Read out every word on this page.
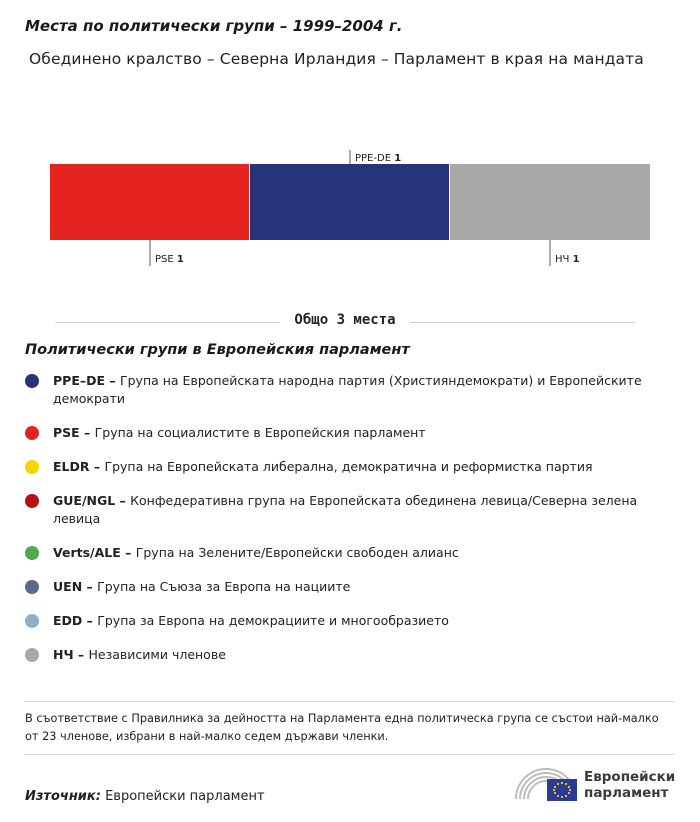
Места по политически групи – 1999–2004 г.
Обединено кралство – Северна Ирландия – Парламент в края на мандата
PSE 1
PPE-DE 1
НЧ 1
Общо 3 места
Политически групи в Европейския парламент
PPE–DE – Група на Европейската народна партия (Християндемократи) и Европейските демократи
PSE – Група на социалистите в Европейския парламент
ELDR – Група на Европейската либерална, демократична и реформистка партия
GUE/NGL – Конфедеративна група на Европейската обединена левица/Северна зелена левица
Verts/ALE – Група на Зелените/Европейски свободен алианс
UEN – Група на Съюза за Европа на нациите
EDD – Група за Европа на демокрациите и многообразието
НЧ – Независими членове
В съответствие с Правилника за дейността на Парламента една политическа група се състои най-малко от 23 членове, избрани в най-малко седем държави членки.
Източник: Европейски парламент
Европейски
парламент
